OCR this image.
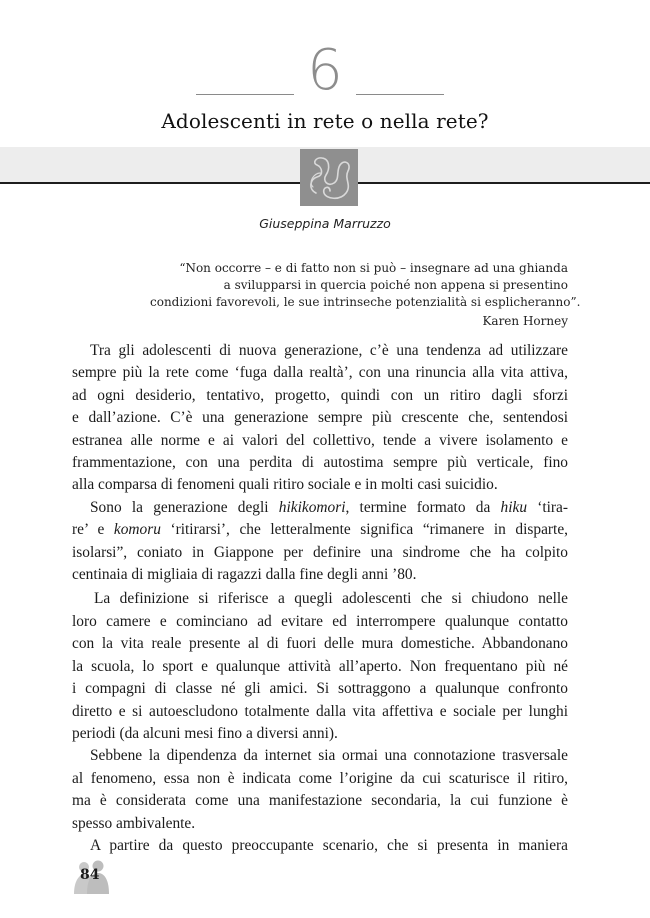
6
Adolescenti in rete o nella rete?
Giuseppina Marruzzo
“Non occorre – e di fatto non si può – insegnare ad una ghianda
a svilupparsi in quercia poiché non appena si presentino
condizioni favorevoli, le sue intrinseche potenzialità si esplicheranno”.
Karen Horney

Tra gli adolescenti di nuova generazione, c’è una tendenza ad utilizzare
sempre più la rete come ‘fuga dalla realtà’, con una rinuncia alla vita attiva,
ad ogni desiderio, tentativo, progetto, quindi con un ritiro dagli sforzi
e dall’azione. C’è una generazione sempre più crescente che, sentendosi
estranea alle norme e ai valori del collettivo, tende a vivere isolamento e
frammentazione, con una perdita di autostima sempre più verticale, fino
alla comparsa di fenomeni quali ritiro sociale e in molti casi suicidio.

Sono la generazione degli hikikomori, termine formato da hiku ‘tira-
re’ e komoru ‘ritirarsi’, che letteralmente significa “rimanere in disparte,
isolarsi”, coniato in Giappone per definire una sindrome che ha colpito
centinaia di migliaia di ragazzi dalla fine degli anni ’80.

La definizione si riferisce a quegli adolescenti che si chiudono nelle
loro camere e cominciano ad evitare ed interrompere qualunque contatto
con la vita reale presente al di fuori delle mura domestiche. Abbandonano
la scuola, lo sport e qualunque attività all’aperto. Non frequentano più né
i compagni di classe né gli amici. Si sottraggono a qualunque confronto
diretto e si autoescludono totalmente dalla vita affettiva e sociale per lunghi
periodi (da alcuni mesi fino a diversi anni).

Sebbene la dipendenza da internet sia ormai una connotazione trasversale
al fenomeno, essa non è indicata come l’origine da cui scaturisce il ritiro,
ma è considerata come una manifestazione secondaria, la cui funzione è
spesso ambivalente.

A partire da questo preoccupante scenario, che si presenta in maniera

84
